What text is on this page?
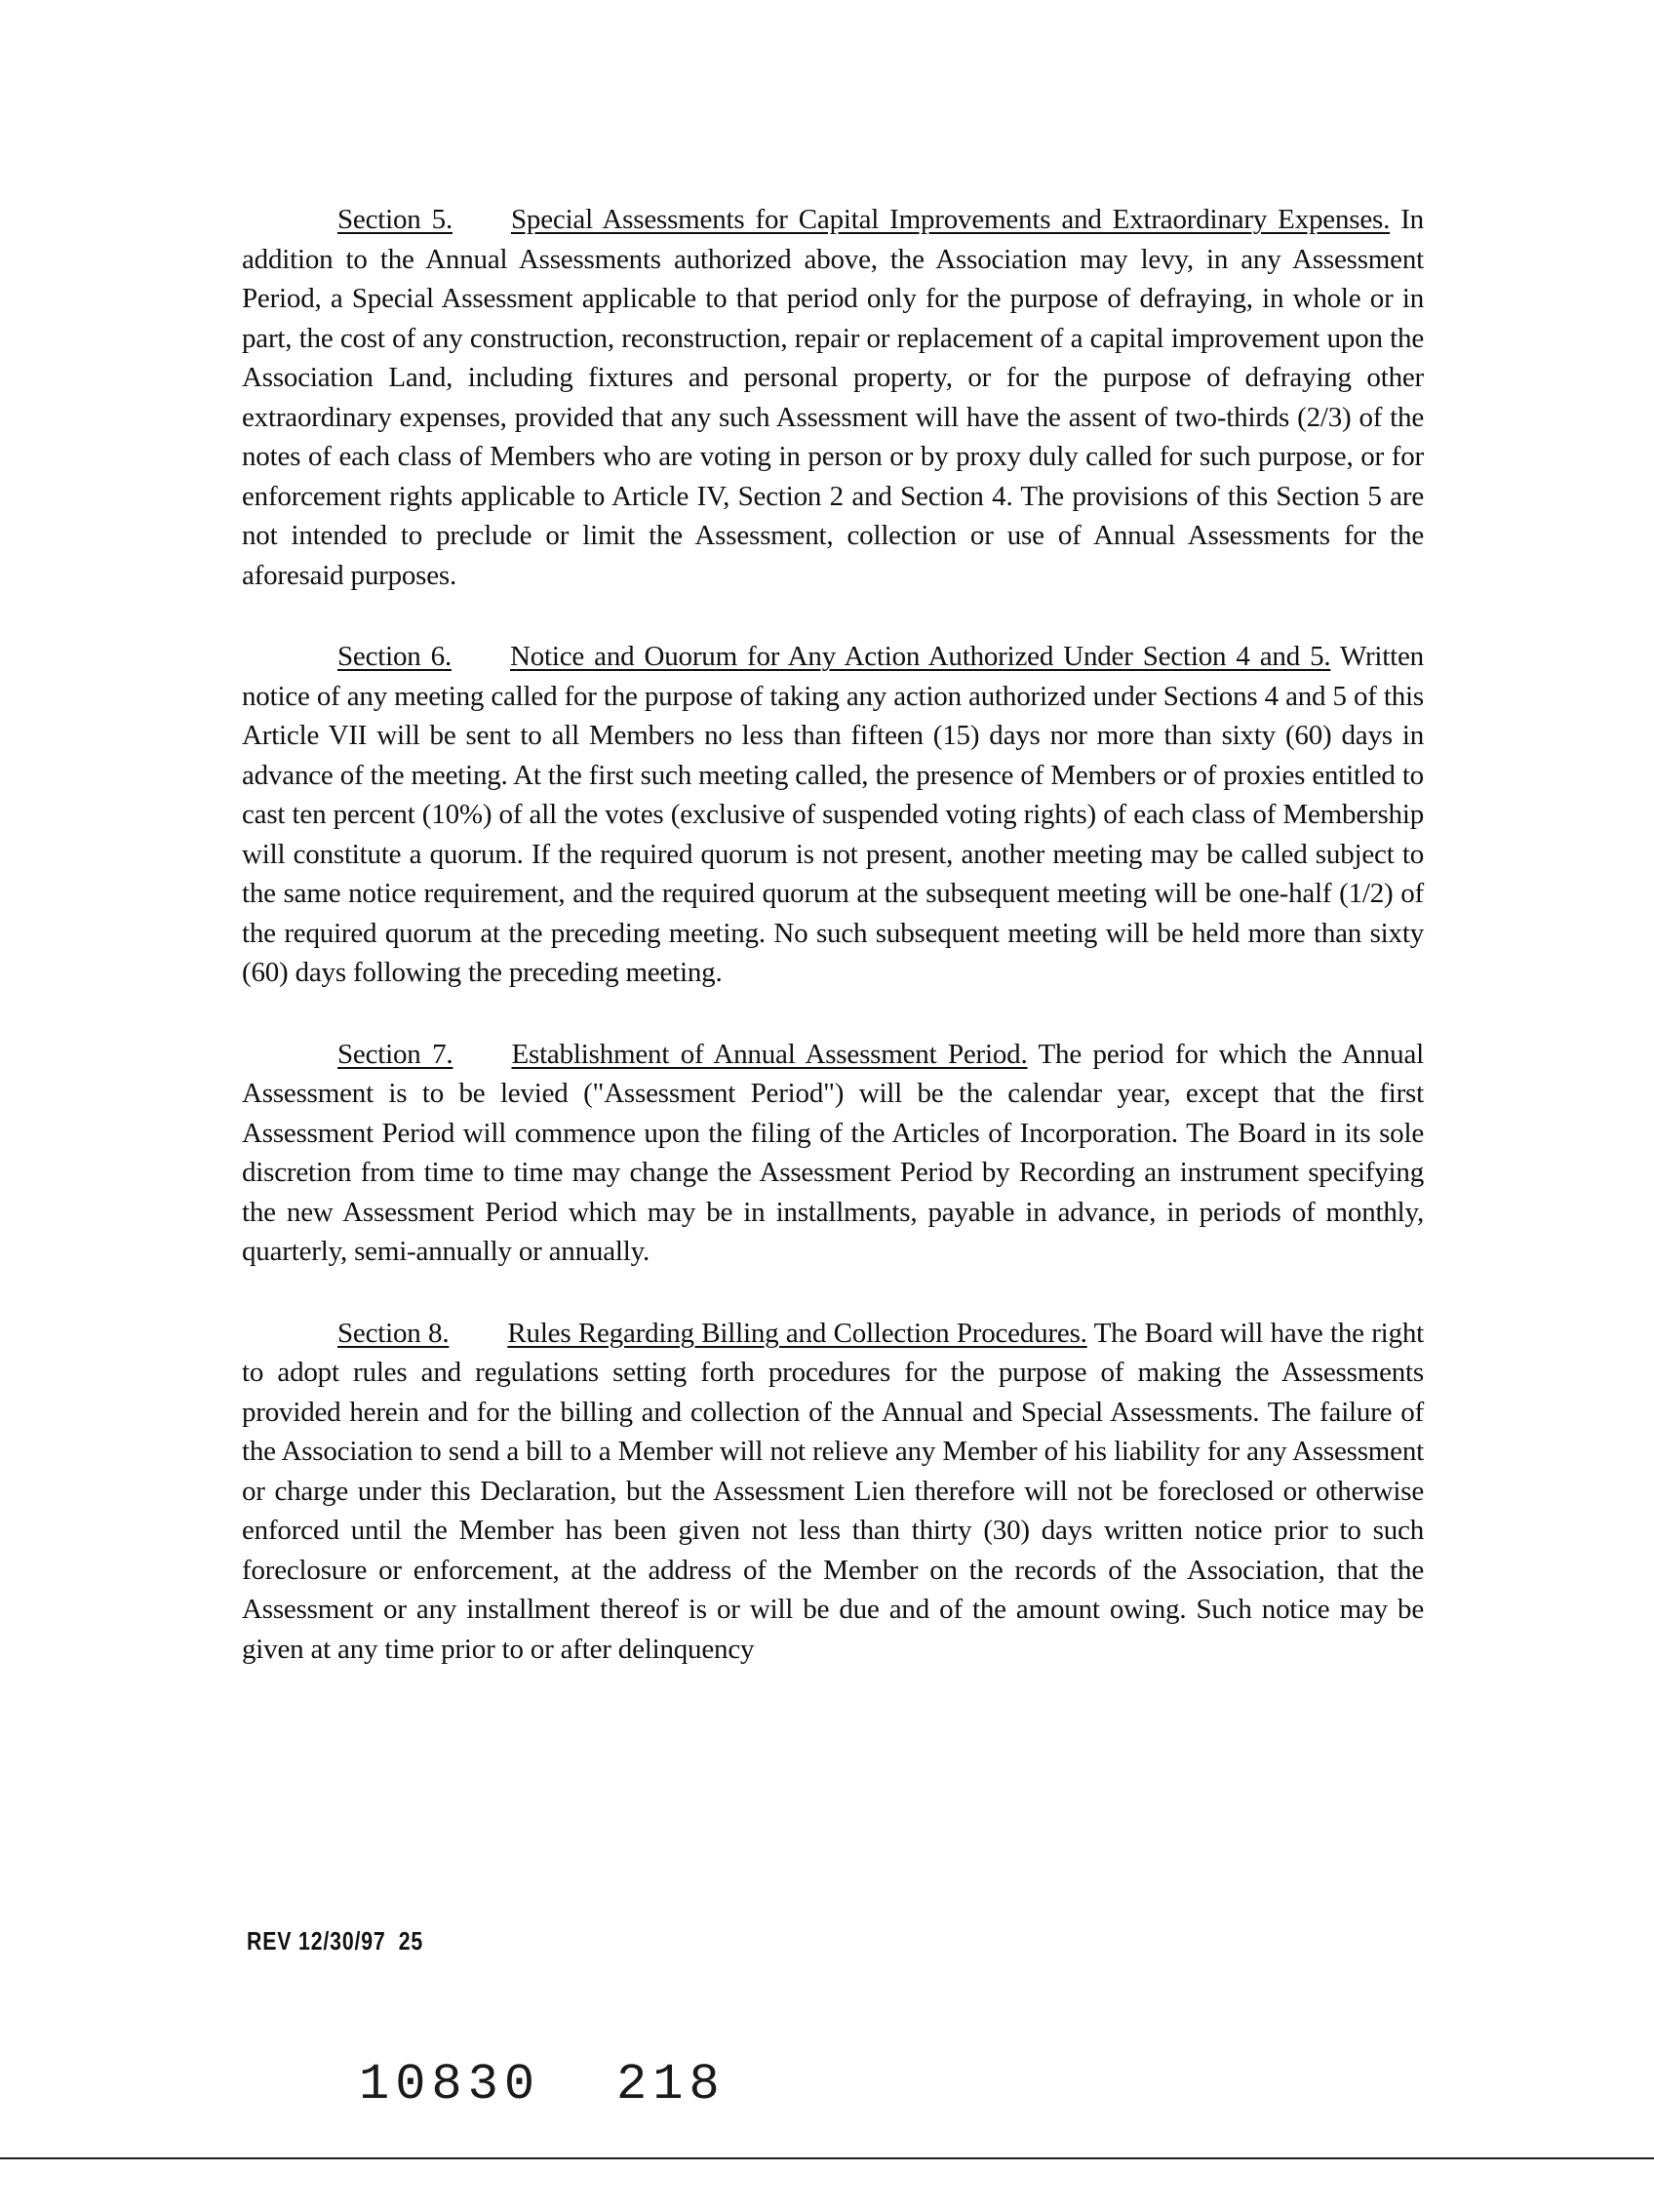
Section 5. Special Assessments for Capital Improvements and Extraordinary Expenses. In addition to the Annual Assessments authorized above, the Association may levy, in any Assessment Period, a Special Assessment applicable to that period only for the purpose of defraying, in whole or in part, the cost of any construction, reconstruction, repair or replacement of a capital improvement upon the Association Land, including fixtures and personal property, or for the purpose of defraying other extraordinary expenses, provided that any such Assessment will have the assent of two-thirds (2/3) of the notes of each class of Members who are voting in person or by proxy duly called for such purpose, or for enforcement rights applicable to Article IV, Section 2 and Section 4. The provisions of this Section 5 are not intended to preclude or limit the Assessment, collection or use of Annual Assessments for the aforesaid purposes.

Section 6. Notice and Ouorum for Any Action Authorized Under Section 4 and 5. Written notice of any meeting called for the purpose of taking any action authorized under Sections 4 and 5 of this Article VII will be sent to all Members no less than fifteen (15) days nor more than sixty (60) days in advance of the meeting. At the first such meeting called, the presence of Members or of proxies entitled to cast ten percent (10%) of all the votes (exclusive of suspended voting rights) of each class of Membership will constitute a quorum. If the required quorum is not present, another meeting may be called subject to the same notice requirement, and the required quorum at the subsequent meeting will be one-half (1/2) of the required quorum at the preceding meeting. No such subsequent meeting will be held more than sixty (60) days following the preceding meeting.

Section 7. Establishment of Annual Assessment Period. The period for which the Annual Assessment is to be levied ("Assessment Period") will be the calendar year, except that the first Assessment Period will commence upon the filing of the Articles of Incorporation. The Board in its sole discretion from time to time may change the Assessment Period by Recording an instrument specifying the new Assessment Period which may be in installments, payable in advance, in periods of monthly, quarterly, semi-annually or annually.

Section 8. Rules Regarding Billing and Collection Procedures. The Board will have the right to adopt rules and regulations setting forth procedures for the purpose of making the Assessments provided herein and for the billing and collection of the Annual and Special Assessments. The failure of the Association to send a bill to a Member will not relieve any Member of his liability for any Assessment or charge under this Declaration, but the Assessment Lien therefore will not be foreclosed or otherwise enforced until the Member has been given not less than thirty (30) days written notice prior to such foreclosure or enforcement, at the address of the Member on the records of the Association, that the Assessment or any installment thereof is or will be due and of the amount owing. Such notice may be given at any time prior to or after delinquency

REV 12/30/97 25
10830 218
